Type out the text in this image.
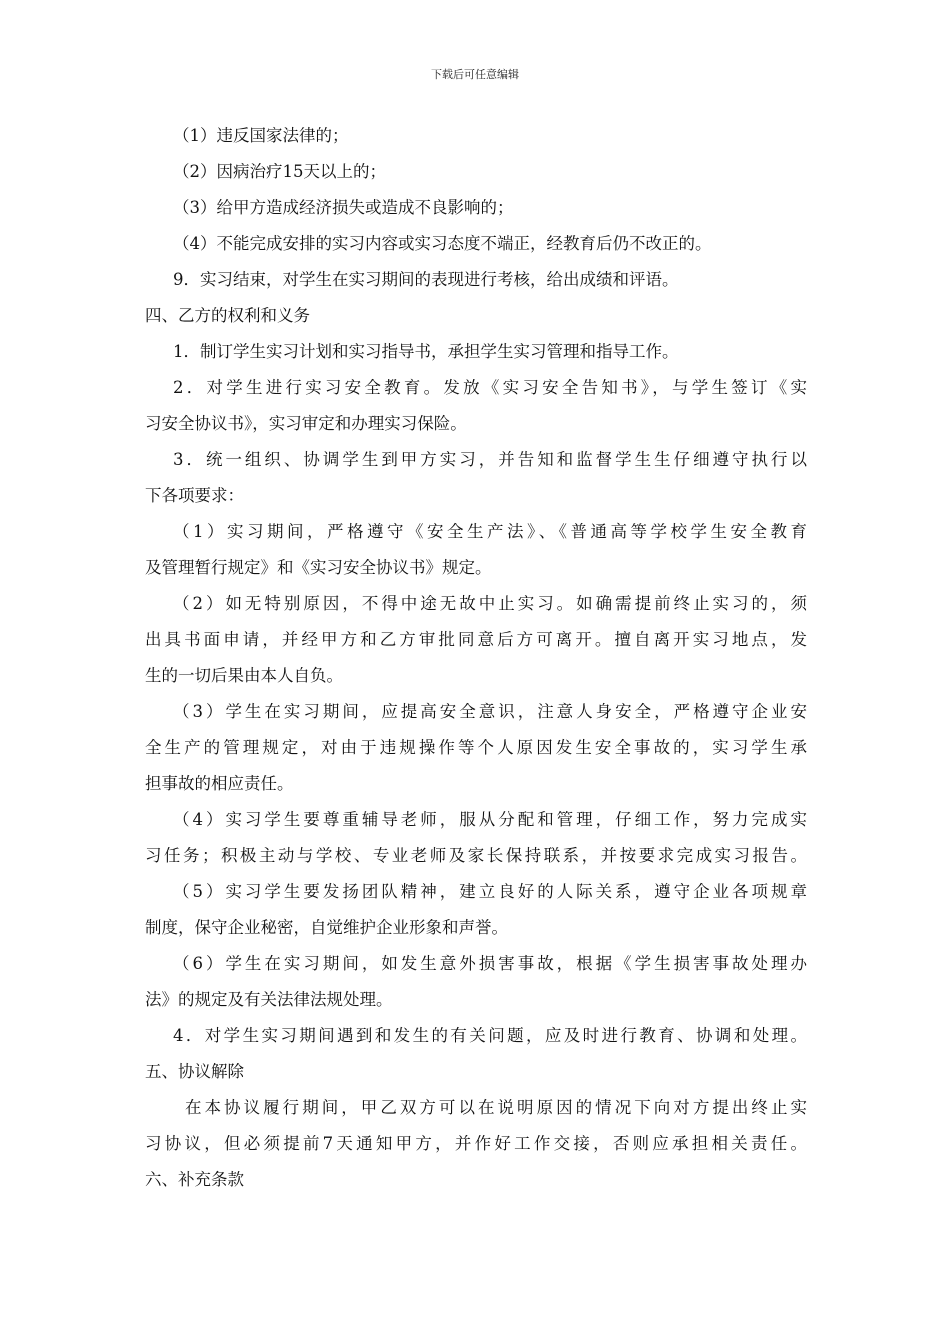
下载后可任意编辑
（1）违反国家法律的；
（2）因病治疗15天以上的；
（3）给甲方造成经济损失或造成不良影响的；
（4）不能完成安排的实习内容或实习态度不端正，经教育后仍不改正的。
9．实习结束，对学生在实习期间的表现进行考核，给出成绩和评语。
四、乙方的权利和义务
1．制订学生实习计划和实习指导书，承担学生实习管理和指导工作。
2．对学生进行实习安全教育。发放《实习安全告知书》，与学生签订《实
习安全协议书》，实习审定和办理实习保险。
3．统一组织、协调学生到甲方实习，并告知和监督学生生仔细遵守执行以
下各项要求：
（1）实习期间，严格遵守《安全生产法》、《普通高等学校学生安全教育
及管理暂行规定》和《实习安全协议书》规定。
（2）如无特别原因，不得中途无故中止实习。如确需提前终止实习的，须
出具书面申请，并经甲方和乙方审批同意后方可离开。擅自离开实习地点，发
生的一切后果由本人自负。
（3）学生在实习期间，应提高安全意识，注意人身安全，严格遵守企业安
全生产的管理规定，对由于违规操作等个人原因发生安全事故的，实习学生承
担事故的相应责任。
（4）实习学生要尊重辅导老师，服从分配和管理，仔细工作，努力完成实
习任务；积极主动与学校、专业老师及家长保持联系，并按要求完成实习报告。
（5）实习学生要发扬团队精神，建立良好的人际关系，遵守企业各项规章
制度，保守企业秘密，自觉维护企业形象和声誉。
（6）学生在实习期间，如发生意外损害事故，根据《学生损害事故处理办
法》的规定及有关法律法规处理。
4．对学生实习期间遇到和发生的有关问题，应及时进行教育、协调和处理。
五、协议解除
在本协议履行期间，甲乙双方可以在说明原因的情况下向对方提出终止实
习协议，但必须提前7天通知甲方，并作好工作交接，否则应承担相关责任。
六、补充条款
